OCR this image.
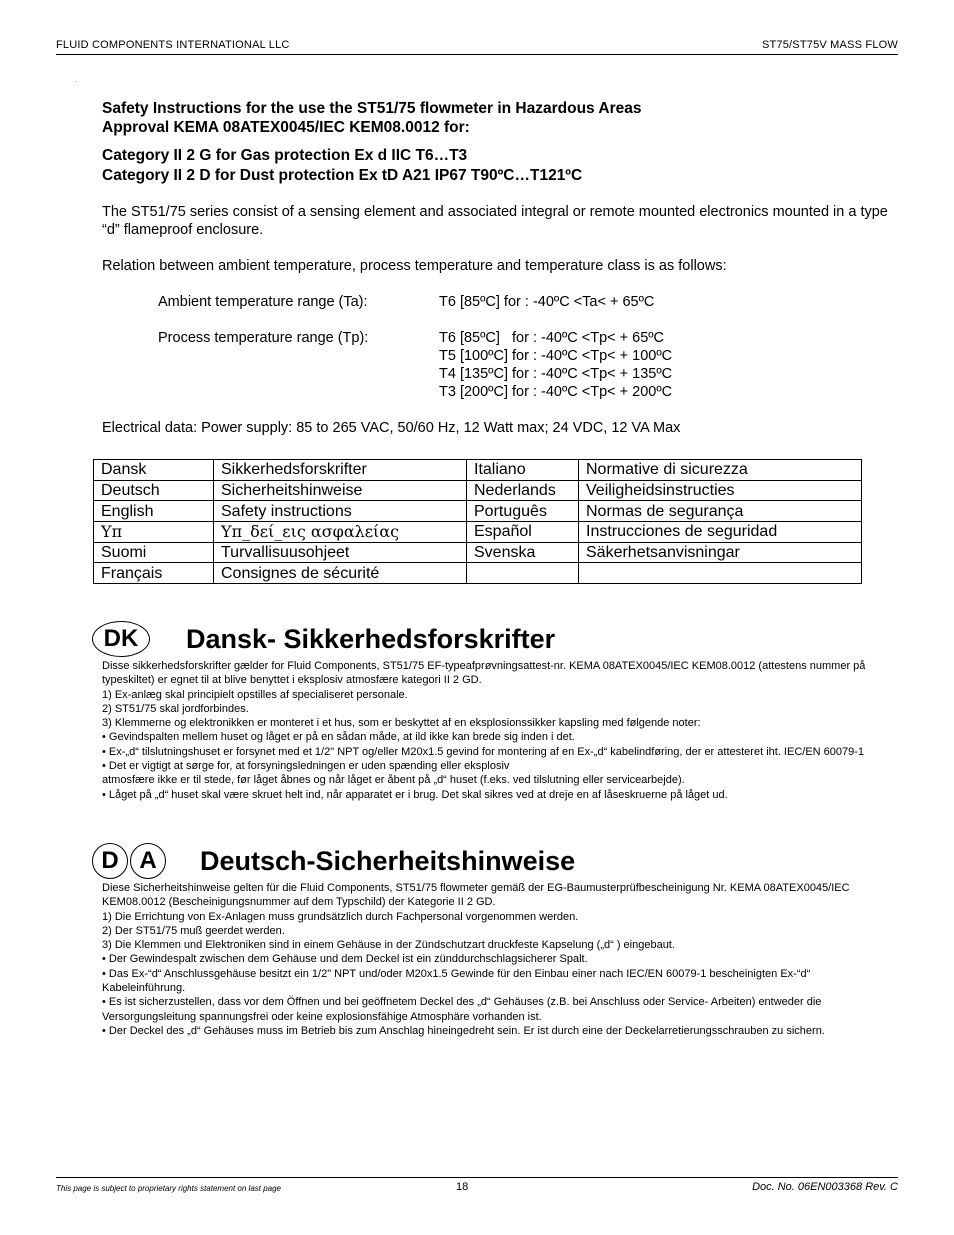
FLUID COMPONENTS INTERNATIONAL LLC	ST75/ST75V MASS FLOW
.

Safety Instructions for the use the ST51/75 flowmeter in Hazardous Areas

Approval KEMA 08ATEX0045/IEC KEM08.0012 for:

Category II 2 G for Gas protection Ex d IIC T6…T3

Category II 2 D for Dust protection Ex tD A21 IP67 T90ºC…T121ºC

The ST51/75 series consist of a sensing element and associated integral or remote mounted electronics mounted in a type “d” flameproof enclosure.

Relation between ambient temperature, process temperature and temperature class is as follows:

Ambient temperature range (Ta):	T6 [85ºC] for : -40ºC <Ta< + 65ºC
Process temperature range (Tp):	T6 [85ºC]   for : -40ºC <Tp< + 65ºC
T5 [100ºC] for : -40ºC <Tp< + 100ºC
T4 [135ºC] for : -40ºC <Tp< + 135ºC
T3 [200ºC] for : -40ºC <Tp< + 200ºC

Electrical data: Power supply: 85 to 265 VAC, 50/60 Hz, 12 Watt max; 24 VDC, 12 VA Max

Dansk	Sikkerhedsforskrifter	Italiano	Normative di sicurezza
Deutsch	Sicherheitshinweise	Nederlands	Veiligheidsinstructies
English	Safety instructions	Português	Normas de segurança
Υπ	Υπ_δεί_εις ασφαλείας	Español	Instrucciones de seguridad
Suomi	Turvallisuusohjeet	Svenska	Säkerhetsanvisningar
Français	Consignes de sécurité		
DK	Dansk- Sikkerhedsforskrifter
Disse sikkerhedsforskrifter gælder for Fluid Components, ST51/75 EF-typeafprøvningsattest-nr. KEMA 08ATEX0045/IEC KEM08.0012 (attestens nummer på typeskiltet) er egnet til at blive benyttet i eksplosiv atmosfære kategori II 2 GD.
1) Ex-anlæg skal principielt opstilles af specialiseret personale.
2) ST51/75 skal jordforbindes.
3) Klemmerne og elektronikken er monteret i et hus, som er beskyttet af en eksplosionssikker kapsling med følgende noter:
• Gevindspalten mellem huset og låget er på en sådan måde, at ild ikke kan brede sig inden i det.
• Ex-„d“ tilslutningshuset er forsynet med et 1/2" NPT og/eller M20x1.5 gevind for montering af en Ex-„d“ kabelindføring, der er attesteret iht. IEC/EN 60079-1
• Det er vigtigt at sørge for, at forsyningsledningen er uden spænding eller eksplosiv
atmosfære ikke er til stede, før låget åbnes og når låget er åbent på „d“ huset (f.eks. ved tilslutning eller servicearbejde).
• Låget på „d“ huset skal være skruet helt ind, når apparatet er i brug. Det skal sikres ved at dreje en af låseskruerne på låget ud.
D A	Deutsch-Sicherheitshinweise
Diese Sicherheitshinweise gelten für die Fluid Components, ST51/75 flowmeter gemäß der EG-Baumusterprüfbescheinigung Nr. KEMA 08ATEX0045/IEC KEM08.0012 (Bescheinigungsnummer auf dem Typschild) der Kategorie II 2 GD.
1) Die Errichtung von Ex-Anlagen muss grundsätzlich durch Fachpersonal vorgenommen werden.
2) Der ST51/75 muß geerdet werden.
3) Die Klemmen und Elektroniken sind in einem Gehäuse in der Zündschutzart druckfeste Kapselung („d“ ) eingebaut.
• Der Gewindespalt zwischen dem Gehäuse und dem Deckel ist ein zünddurchschlagsicherer Spalt.
• Das Ex-“d“ Anschlussgehäuse besitzt ein 1/2" NPT und/oder M20x1.5 Gewinde für den Einbau einer nach IEC/EN 60079-1 bescheinigten Ex-“d“ Kabeleinführung.
• Es ist sicherzustellen, dass vor dem Öffnen und bei geöffnetem Deckel des „d“ Gehäuses (z.B. bei Anschluss oder Service- Arbeiten) entweder die Versorgungsleitung spannungsfrei oder keine explosionsfähige Atmosphäre vorhanden ist.
• Der Deckel des „d“ Gehäuses muss im Betrieb bis zum Anschlag hineingedreht sein. Er ist durch eine der Deckelarretierungsschrauben zu sichern.
This page is subject to proprietary rights statement on last page	18	Doc. No. 06EN003368 Rev. C
